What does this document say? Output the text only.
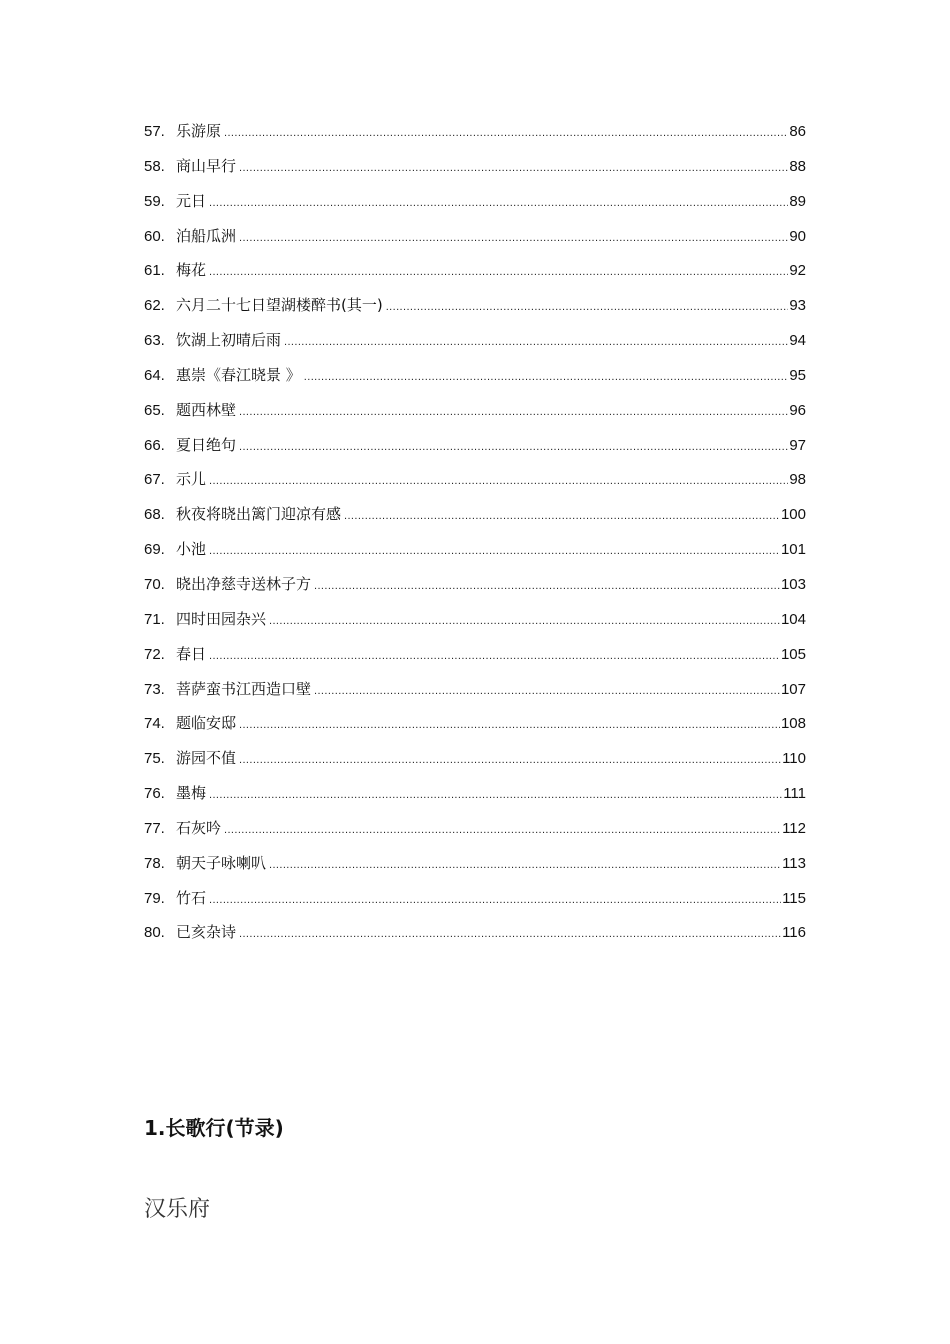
57. 乐游原 .....	86
58. 商山早行 .....	88
59. 元日 .....	89
60. 泊船瓜洲 .....	90
61. 梅花 .....	92
62. 六月二十七日望湖楼醉书(其一) .....	93
63. 饮湖上初晴后雨 .....	94
64. 惠崇《春江晓景 》 .....	95
65. 题西林壁 .....	96
66. 夏日绝句 .....	97
67. 示儿 .....	98
68. 秋夜将晓出篱门迎凉有感 .....	100
69. 小池 .....	101
70. 晓出净慈寺送林子方 .....	103
71. 四时田园杂兴 .....	104
72. 春日 .....	105
73. 菩萨蛮书江西造口壁 .....	107
74. 题临安邸 .....	108
75. 游园不值 .....	110
76. 墨梅 .....	111
77. 石灰吟 .....	112
78. 朝天子咏喇叭 .....	113
79. 竹石 .....	115
80. 已亥杂诗 .....	116
1.长歌行(节录)

汉乐府
